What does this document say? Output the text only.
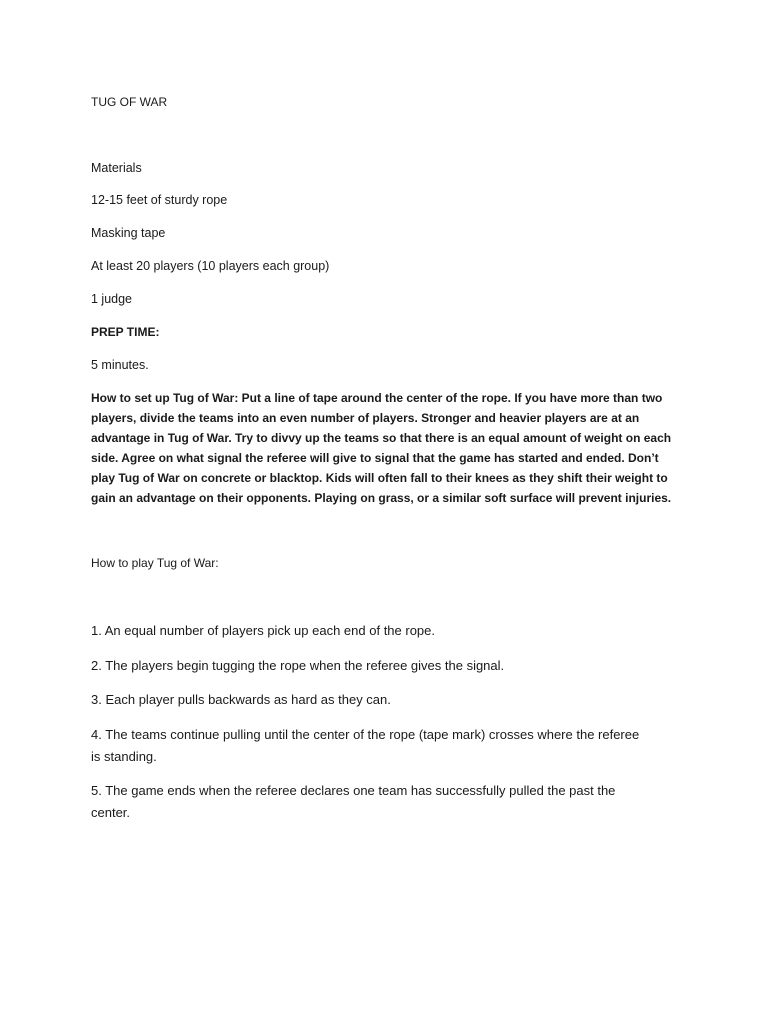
TUG OF WAR

Materials

12-15 feet of sturdy rope

Masking tape

At least 20 players (10 players each group)

1 judge

PREP TIME:

5 minutes.

How to set up Tug of War: Put a line of tape around the center of the rope. If you have more than two players, divide the teams into an even number of players. Stronger and heavier players are at an advantage in Tug of War. Try to divvy up the teams so that there is an equal amount of weight on each side. Agree on what signal the referee will give to signal that the game has started and ended. Don’t play Tug of War on concrete or blacktop. Kids will often fall to their knees as they shift their weight to gain an advantage on their opponents. Playing on grass, or a similar soft surface will prevent injuries.

How to play Tug of War:

1. An equal number of players pick up each end of the rope.

2. The players begin tugging the rope when the referee gives the signal.

3. Each player pulls backwards as hard as they can.

4. The teams continue pulling until the center of the rope (tape mark) crosses where the referee is standing.

5. The game ends when the referee declares one team has successfully pulled the past the center.
